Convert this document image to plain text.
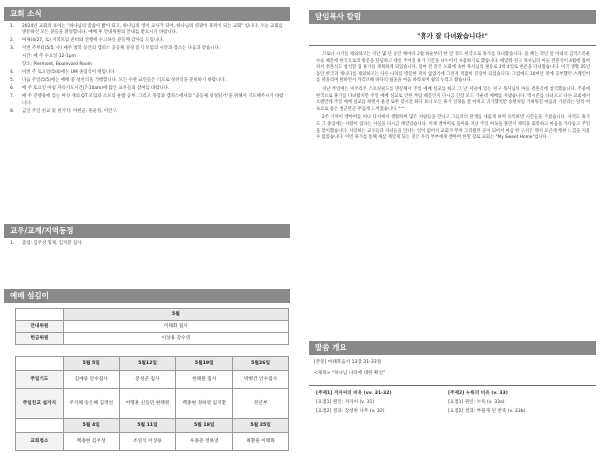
교회 소식
1. 2024년 교회의 표어는 "하나님의 말씀이 밝이 되고, 하나님의 영이 교사가 되어, 하나님의 영광이 목적이 되는 교회" 입니다. 오늘 교회를 방문하신 모든 분들을 환영합니다. 예배 후 안내위원의 안내를 받으시기 바랍니다.
2. 여제(4/27, 토) 지역모임 준비와 진행에 수고하신 분들께 감사를 드립니다.
3. 이번 주부터(5/5, 수) 매주 방학 동안의 캠퍼스 공동체 성경 읽기 모임의 시간과 장소는 다음과 같습니다.
시간: 매 주 수요일 12-1pm
장소: Piermont, Boulevard Room
4. 이번 주 토요일(5/4)에는 UM 졸업식이 열립니다.
5. 다음 주일(5/5)에는 예배 중 성찬식을 거행합니다. 모든 수찬 교인들은 기도로 성찬식을 준비하기 바랍니다.
6. 매 주 토요일 아침 자유기도시간(7-10am)에 많은 교우들의 참여를 바랍니다.
7. 매 주 진행중에 있는 여섯 개의 QT 모임과 소모리 운밥 공부, 그리고 목장과 캠퍼스에서의 "공동체 성경읽기"을 위해서 기도해주시기 바랍니다.
8. 금일 주일 친교 및 설거지: 이현균, 홍윤정, 이민구
교우/교계/지역동정
1. 출업: 김주성 형제, 임지환 집사
예배 섬김이
	5월			
안내위원	이태화 집사			
헌금위원	이상용 강수영			

	5월 5일	5월12일	5월19일	5월26일
주일기도	김예중 안수집사	문성준 집사	한태원 집사	박병건 안수집사
주일친교 설거지	주지혜 송은혜 김정선	여명훈 신동민 현태원	백종현 정하영 임지환	정년부
	5월 4일	5월 11일	5월 18일	5월 25일
교회청소	백종현 김주성	조연식 이상용	우종준 정하영	최환훈 이태화
담임목사 칼럼
"휴가 잘 다녀왔습니다!"

코로나 시기를 제외하고는 지난 몇 년 동안 해마다 2월 하순부터 한 달 정도 한국으로 휴가를 다녀왔습니다. 올 해는 작년 말 아내의 갑작스러운 수술 때문에 한국으로의 방문을 단념하고 대신 주어진 휴가 기간을 나누어서 사용하기로 했습니다. 때맞춰 친구 목사님의 아들 결혼식이 4월에 잡혀져서 결혼식도 참석할 겸 휴가를 계획하게 되었습니다. 얼마 전 같은 노회에 속한 목사님의 권유로 3박 4일로 친콘을 다녀왔습니다. 미국 생활 35년 동안 한국과 캐나다를 제외하고는 다른 나라를 방문한 적이 없었기에 그런지 적잖이 긴장이 되었습니다. 그럼에도 10여년 전에 공부했던 스페인어를 떠올리며 탈하면서 카리브해 바다의 쉼을을 마음 바라보며 쉼의 누리고 왔습니다.

지난 주일에는 미주리주 스프링필드를 방문해서 주일 예배 설교를 하고 그 날 저녁에 있는 친구 목사님의 아들 결혼식에 참석했습니다. 주중에 한국으로 휴가를 다녀왔지만 주일 예배 설교로 인한 부담 때문인지 다시금 긴장 모드 가운데 예배를 지냈습니다. 엑시콘를 다녀오고 다른 교회에서 오랜만에 주일 예배 설교를 하면서 운전 또한 장시간 하다 보니 모든 휴가 일정을 잘 마치고 귀가했지만 송별처럼 가벼워진 마음과 기분과는 달리 여독으로 몸은 천근만근 무겁게 느껴졌습니다.^^

2주 가까이 앤아버를 떠나 타지에서 생활하며 많은 사람들을 만나고 그들과의 관계를 새롭게 하며 유익하면 시간들을 가졌습니다. 사역도 휴가도 그 중심에는 사람이 있다는 사실을 다시금 깨달았습니다. 이제 앤아버로 돌아와 지난 주일 여독을 풀면서 체력을 회복하고 마음을 가다듬고 주일을 맞이했습니다. 사랑하는 교우들과 자녀들을 만나는 일이 없어서 교회가 무척 그리웠던 곳이 되어서 마음 한 구석은 왠지 포근게 행한 느낌을 지울 수 없었습니다. 이번 휴가를 통해 새삼 깨달게 되는 것은 우리 부부에게 앤아버 한빛 장로 교회는 "My Sweet Home"입니다.

말씀 개요
[본문] 마태복음서 13장 31-33절
<제목> "하나님 나라에 대한 확신"
[주제1] 겨자씨의 비유 (vv. 31-32)
[요점1] 원인: 겨자씨 (v. 31)
[요점2] 결과: 장성한 나무 (v. 32)
[주제2] 누룩의 비유 (v. 33)
[요점1] 원인: 누룩 (v. 33a)
[요점2] 결과: 부풀게 된 반죽 (v. 33b)
